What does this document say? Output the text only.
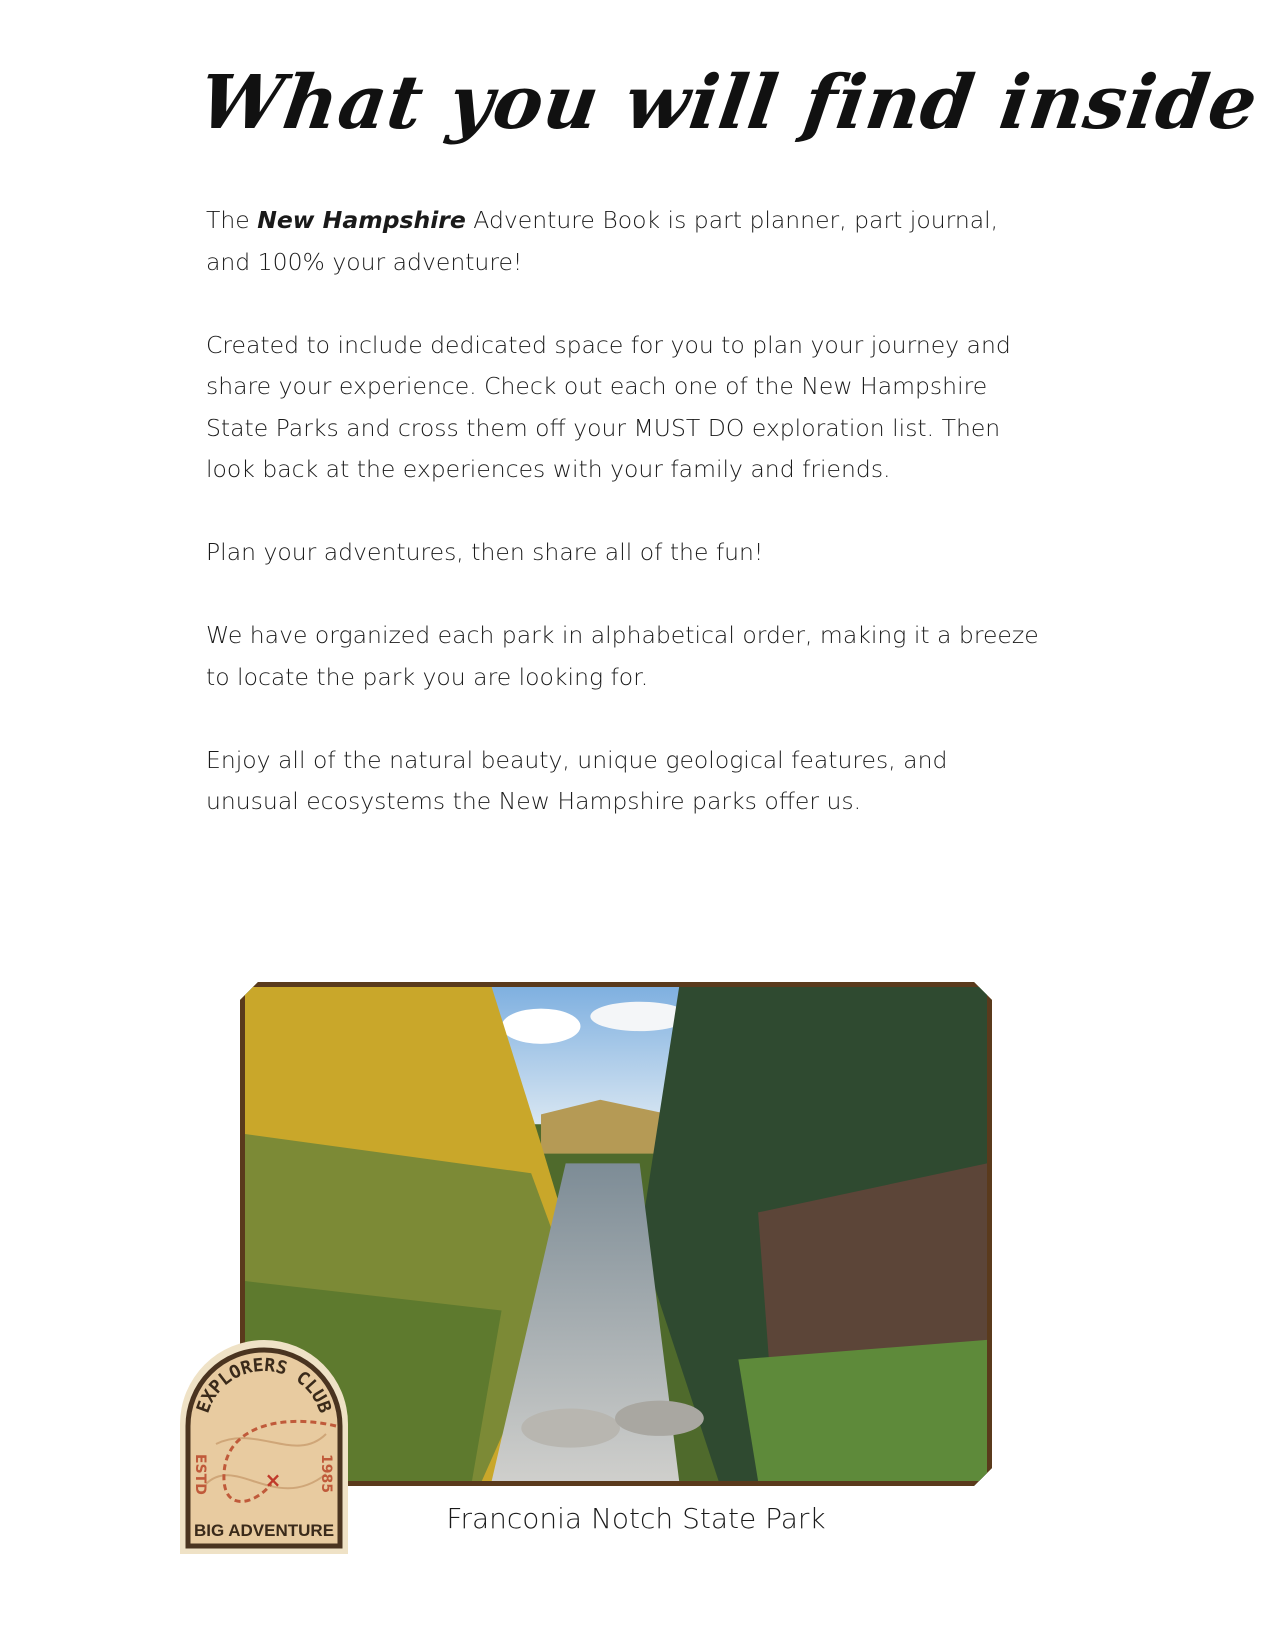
What you will find inside

The New Hampshire Adventure Book is part planner, part journal, and 100% your adventure!

Created to include dedicated space for you to plan your journey and share your experience. Check out each one of the New Hampshire State Parks and cross them off your MUST DO exploration list. Then look back at the experiences with your family and friends.

Plan your adventures, then share all of the fun!

We have organized each park in alphabetical order, making it a breeze to locate the park you are looking for.

Enjoy all of the natural beauty, unique geological features, and unusual ecosystems the New Hampshire parks offer us.

Franconia Notch State Park
×
EXPLORERS CLUB
ESTD	1985
BIG ADVENTURE
